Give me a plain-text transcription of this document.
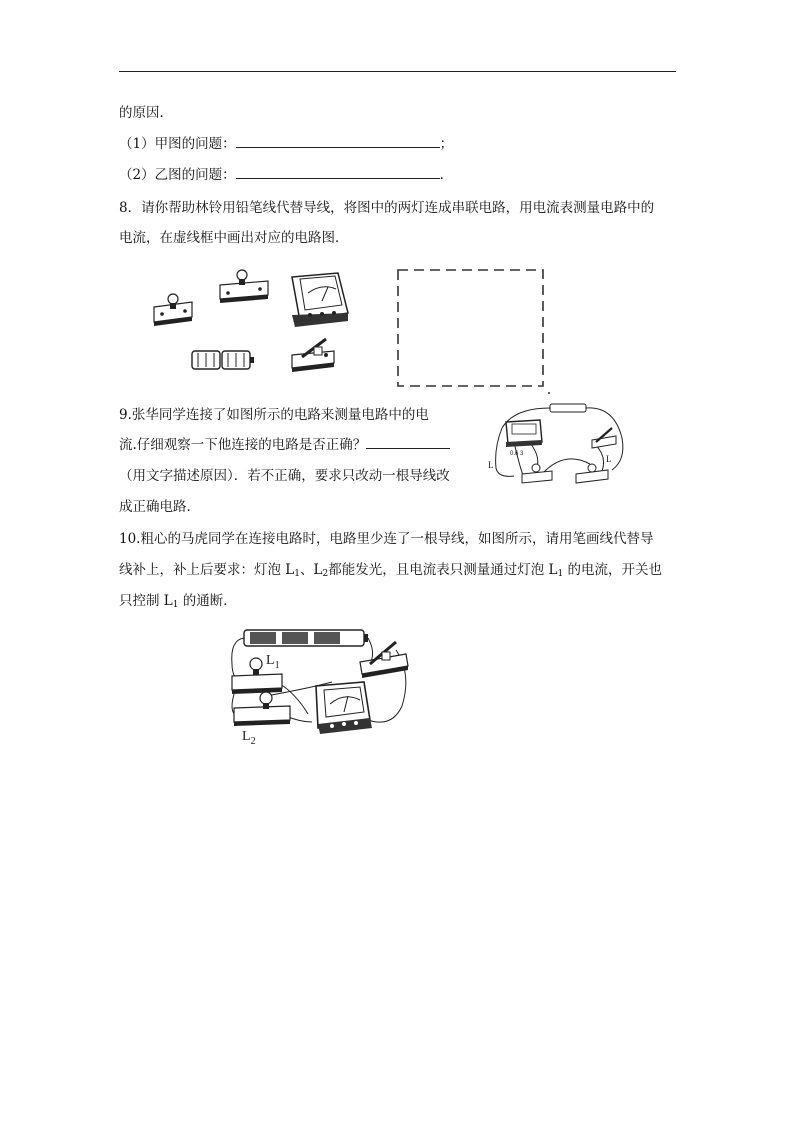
的原因．
（1）甲图的问题：	；
（2）乙图的问题：	．
8．请你帮助林铃用铅笔线代替导线，将图中的两灯连成串联电路，用电流表测量电路中的
电流，在虚线框中画出对应的电路图．
9.张华同学连接了如图所示的电路来测量电路中的电
流.仔细观察一下他连接的电路是否正确？
（用文字描述原因）．若不正确，要求只改动一根导线改
成正确电路．
0.6 3
L
L
10.粗心的马虎同学在连接电路时，电路里少连了一根导线，如图所示，请用笔画线代替导
线补上，补上后要求：灯泡 $L_1$、$L_2$都能发光，且电流表只测量通过灯泡 $L_1$ 的电流，开关也
只控制 $L_1$ 的通断．
$L_1$
$L_2$
